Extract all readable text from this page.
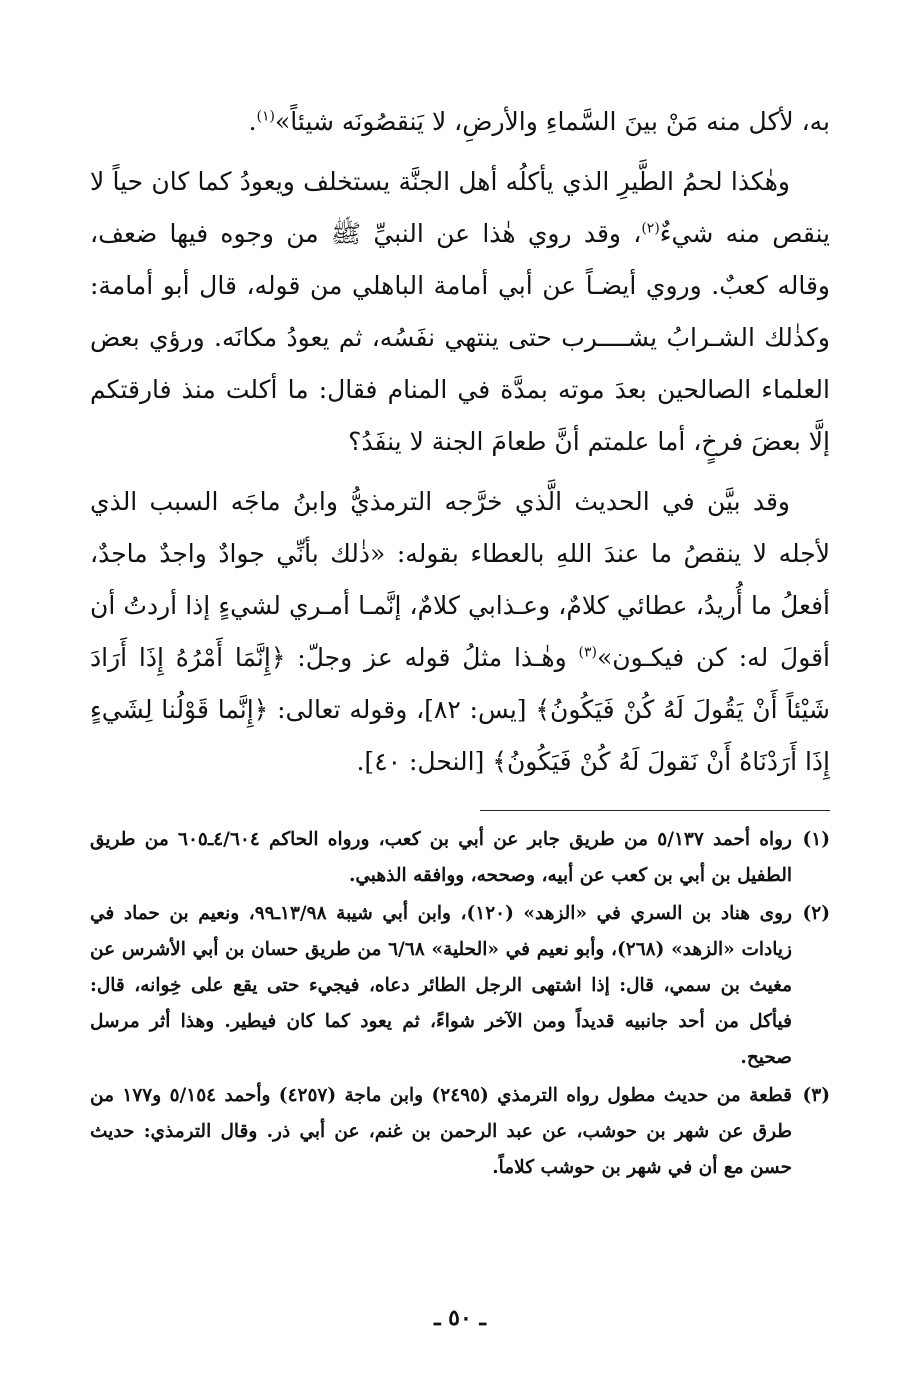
به، لأكل منه مَنْ بينَ السَّماءِ والأرضِ، لا يَنقصُونَه شيئاً»$^{(١)}$.

وهٰكذا لحمُ الطَّيرِ الذي يأكلُه أهل الجنَّة يستخلف ويعودُ كما كان حياً لا ينقص منه شيءٌ$^{(٢)}$، وقد روي هٰذا عن النبيِّ ﷺ من وجوه فيها ضعف، وقاله كعبٌ. وروي أيضـاً عن أبي أمامة الباهلي من قوله، قال أبو أمامة: وكذٰلك الشـرابُ يشــــرب حتى ينتهي نفَسُه، ثم يعودُ مكانَه. ورؤي بعض العلماء الصالحين بعدَ موته بمدَّة في المنام فقال: ما أكلت منذ فارقتكم إلَّا بعضَ فرخٍ، أما علمتم أنَّ طعامَ الجنة لا ينفَدُ؟

وقد بيَّن في الحديث الَّذي خرَّجه الترمذيُّ وابنُ ماجَه السبب الذي لأجله لا ينقصُ ما عندَ اللهِ بالعطاء بقوله: «ذٰلك بأنِّي جوادٌ واجدٌ ماجدٌ، أفعلُ ما أُريدُ، عطائي كلامٌ، وعـذابي كلامٌ، إنَّمـا أمـري لشيءٍ إذا أردتُ أن أقولَ له: كن فيكـون»$^{(٣)}$ وهٰـذا مثلُ قوله عز وجلّ: ﴿إِنَّمَا أَمْرُهُ إِذَا أَرَادَ شَيْئاً أَنْ يَقُولَ لَهُ كُنْ فَيَكُونُ﴾ [يس: ٨٢]، وقوله تعالى: ﴿إِنَّما قَوْلُنا لِشَيءٍ إِذَا أَرَدْنَاهُ أَنْ نَقولَ لَهُ كُنْ فَيَكُونُ﴾ [النحل: ٤٠].

(١)
رواه أحمد ٥/١٣٧ من طريق جابر عن أبي بن كعب، ورواه الحاكم ٤/٦٠٤ـ٦٠٥ من طريق الطفيل بن أبي بن كعب عن أبيه، وصححه، ووافقه الذهبي.
(٢)
روى هناد بن السري في «الزهد» (١٢٠)، وابن أبي شيبة ١٣/٩٨ـ٩٩، ونعيم بن حماد في زيادات «الزهد» (٢٦٨)، وأبو نعيم في «الحلية» ٦/٦٨ من طريق حسان بن أبي الأشرس عن مغيث بن سمي، قال: إذا اشتهى الرجل الطائر دعاه، فيجيء حتى يقع على خِوانه، قال: فيأكل من أحد جانبيه قديداً ومن الآخر شواءً، ثم يعود كما كان فيطير. وهذا أثر مرسل صحيح.
(٣)
قطعة من حديث مطول رواه الترمذي (٢٤٩٥) وابن ماجة (٤٢٥٧) وأحمد ٥/١٥٤ و١٧٧ من طرق عن شهر بن حوشب، عن عبد الرحمن بن غنم، عن أبي ذر. وقال الترمذي: حديث حسن مع أن في شهر بن حوشب كلاماً.
ـ ٥٠ ـ
